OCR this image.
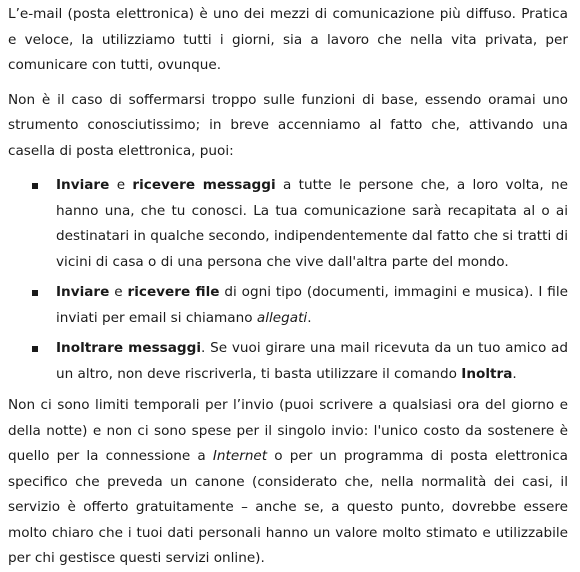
L’e-mail (posta elettronica) è uno dei mezzi di comunicazione più diffuso. Pratica e veloce, la utilizziamo tutti i giorni, sia a lavoro che nella vita privata, per comunicare con tutti, ovunque.

Non è il caso di soffermarsi troppo sulle funzioni di base, essendo oramai uno strumento conosciutissimo; in breve accenniamo al fatto che, attivando una casella di posta elettronica, puoi:

Inviare e ricevere messaggi a tutte le persone che, a loro volta, ne hanno una, che tu conosci. La tua comunicazione sarà recapitata al o ai destinatari in qualche secondo, indipendentemente dal fatto che si tratti di vicini di casa o di una persona che vive dall'altra parte del mondo.
Inviare e ricevere file di ogni tipo (documenti, immagini e musica). I file inviati per email si chiamano allegati.
Inoltrare messaggi. Se vuoi girare una mail ricevuta da un tuo amico ad un altro, non deve riscriverla, ti basta utilizzare il comando Inoltra.

Non ci sono limiti temporali per l’invio (puoi scrivere a qualsiasi ora del giorno e della notte) e non ci sono spese per il singolo invio: l'unico costo da sostenere è quello per la connessione a Internet o per un programma di posta elettronica specifico che preveda un canone (considerato che, nella normalità dei casi, il servizio è offerto gratuitamente – anche se, a questo punto, dovrebbe essere molto chiaro che i tuoi dati personali hanno un valore molto stimato e utilizzabile per chi gestisce questi servizi online).
